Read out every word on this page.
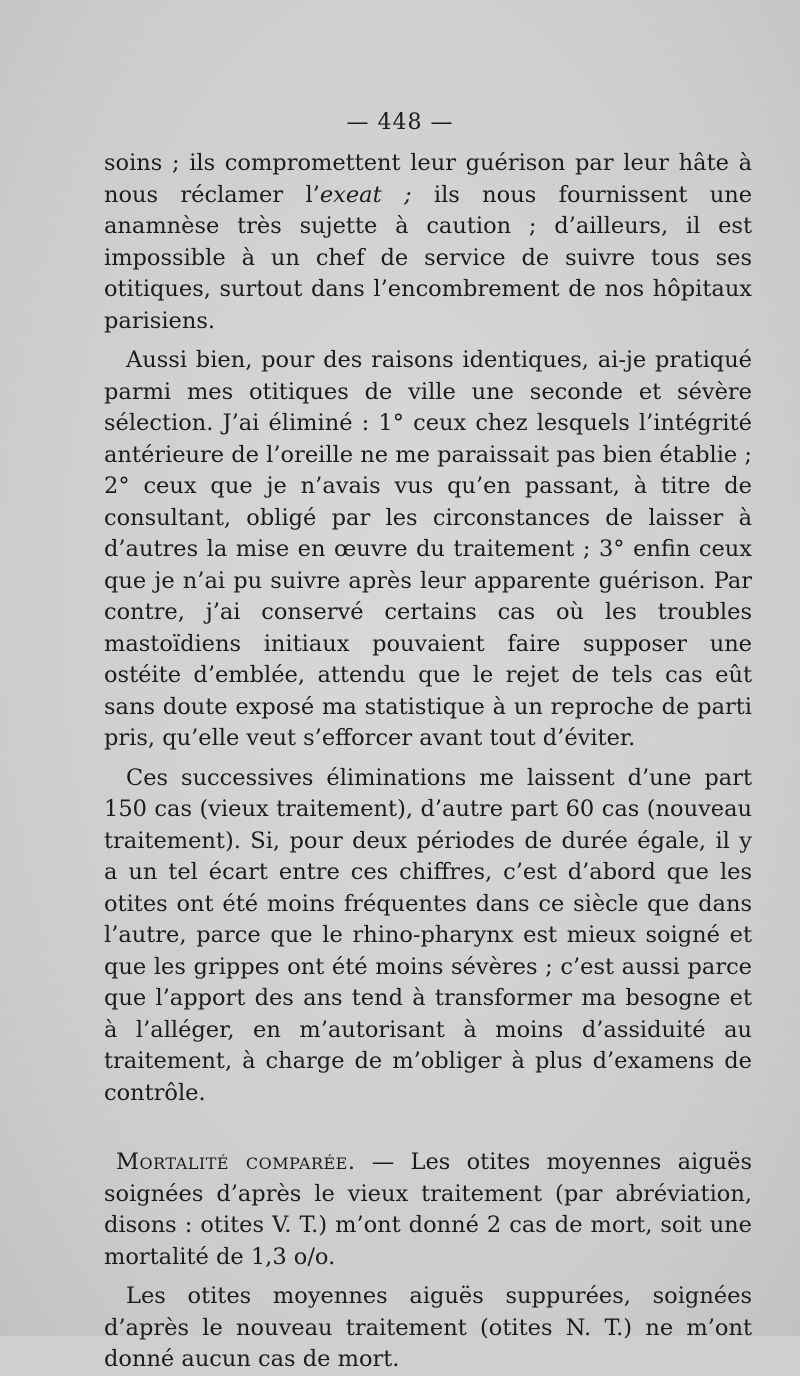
— 448 —

soins ; ils compromettent leur guérison par leur hâte à nous réclamer l’exeat ; ils nous fournissent une anamnèse très sujette à caution ; d’ailleurs, il est impossible à un chef de service de suivre tous ses otitiques, surtout dans l’encombrement de nos hôpitaux parisiens.

Aussi bien, pour des raisons identiques, ai-je pratiqué parmi mes otitiques de ville une seconde et sévère sélection. J’ai éliminé : 1° ceux chez lesquels l’intégrité antérieure de l’oreille ne me paraissait pas bien établie ; 2° ceux que je n’avais vus qu’en passant, à titre de consultant, obligé par les circonstances de laisser à d’autres la mise en œuvre du traitement ; 3° enfin ceux que je n’ai pu suivre après leur apparente guérison. Par contre, j’ai conservé certains cas où les troubles mastoïdiens initiaux pouvaient faire supposer une ostéite d’emblée, attendu que le rejet de tels cas eût sans doute exposé ma statistique à un reproche de parti pris, qu’elle veut s’efforcer avant tout d’éviter.

Ces successives éliminations me laissent d’une part 150 cas (vieux traitement), d’autre part 60 cas (nouveau traitement). Si, pour deux périodes de durée égale, il y a un tel écart entre ces chiffres, c’est d’abord que les otites ont été moins fréquentes dans ce siècle que dans l’autre, parce que le rhino-pharynx est mieux soigné et que les grippes ont été moins sévères ; c’est aussi parce que l’apport des ans tend à transformer ma besogne et à l’alléger, en m’autorisant à moins d’assiduité au traitement, à charge de m’obliger à plus d’examens de contrôle.

Mortalité comparée. — Les otites moyennes aiguës soignées d’après le vieux traitement (par abréviation, disons : otites V. T.) m’ont donné 2 cas de mort, soit une mortalité de 1,3 o/o.

Les otites moyennes aiguës suppurées, soignées d’après le nouveau traitement (otites N. T.) ne m’ont donné aucun cas de mort.
